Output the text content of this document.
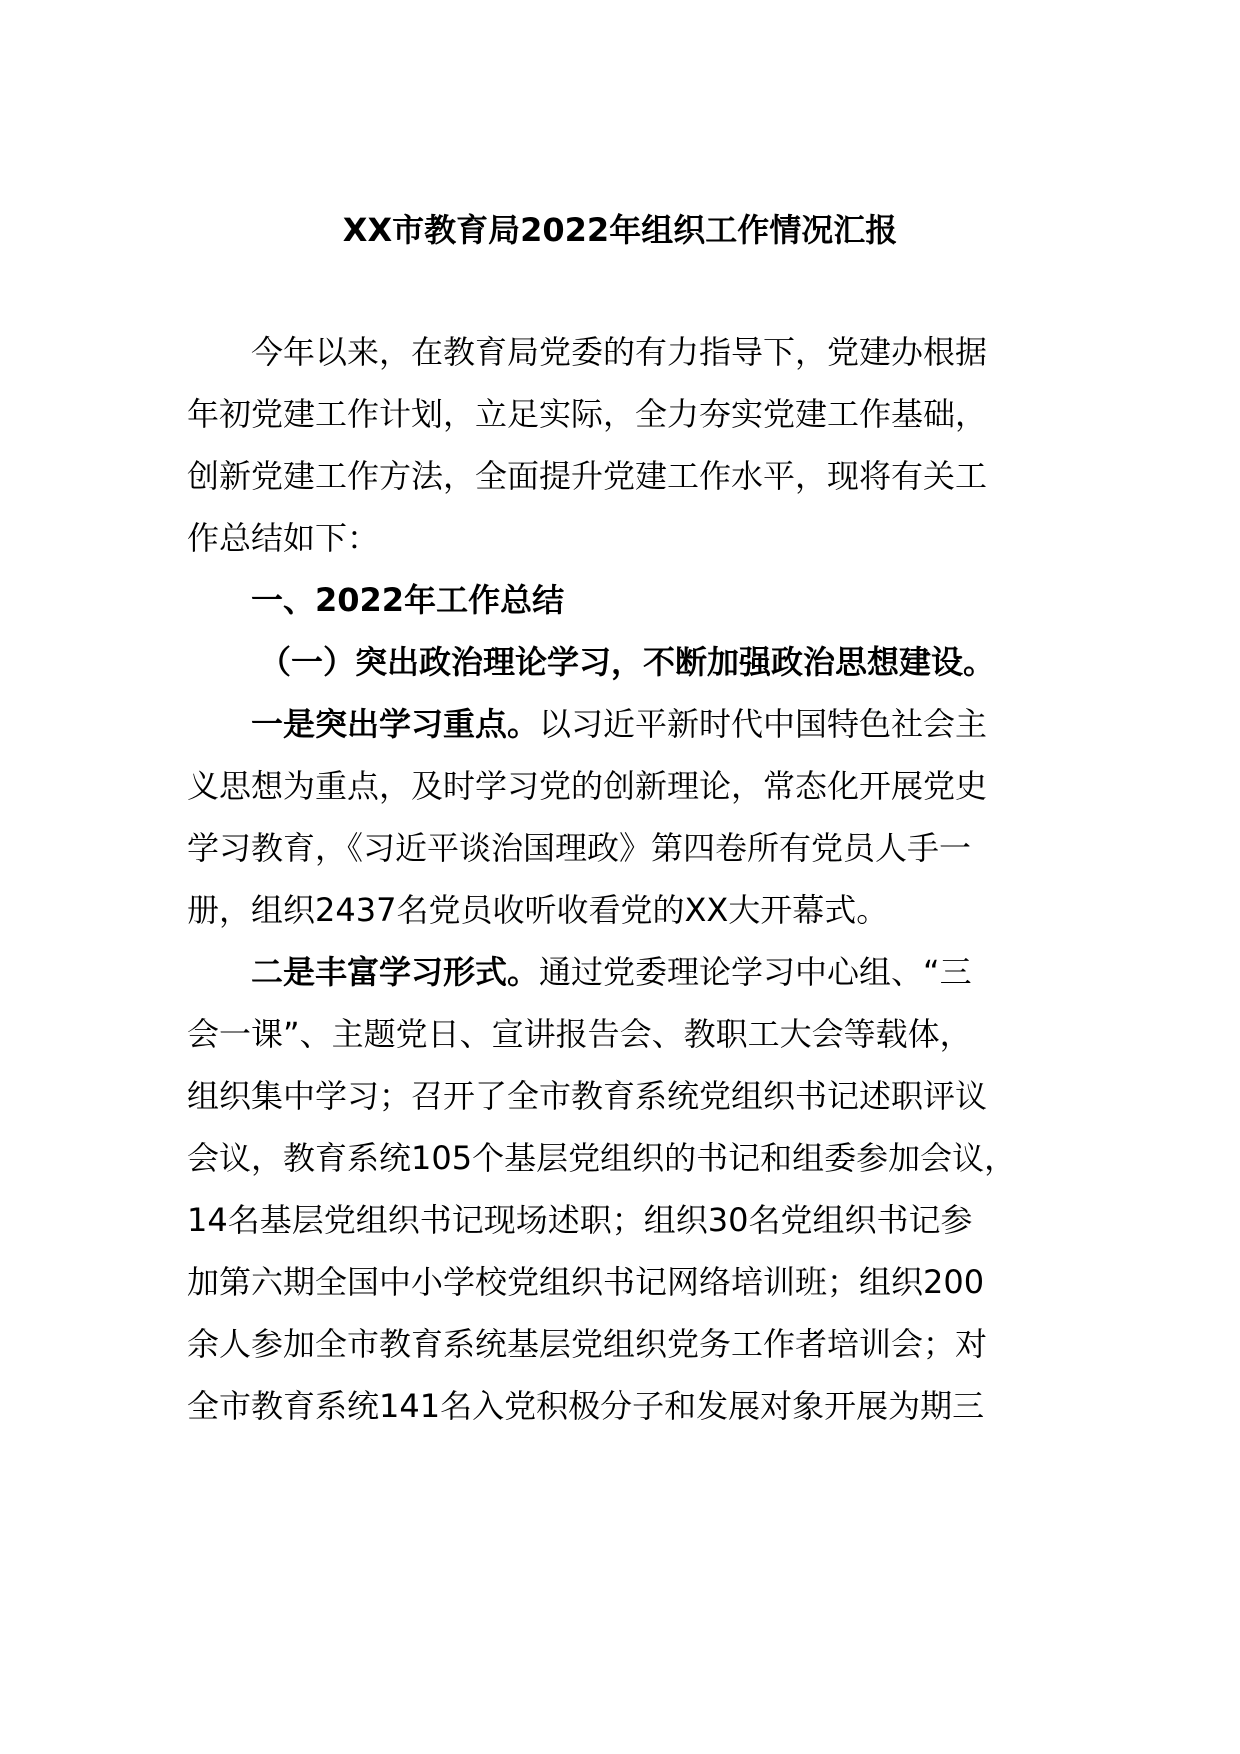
XX市教育局2022年组织工作情况汇报

今年以来，在教育局党委的有力指导下，党建办根据

年初党建工作计划，立足实际，全力夯实党建工作基础，

创新党建工作方法，全面提升党建工作水平，现将有关工

作总结如下：

一、2022年工作总结

（一）突出政治理论学习，不断加强政治思想建设。

一是突出学习重点。以习近平新时代中国特色社会主

义思想为重点，及时学习党的创新理论，常态化开展党史

学习教育，《习近平谈治国理政》第四卷所有党员人手一

册，组织2437名党员收听收看党的XX大开幕式。

二是丰富学习形式。通过党委理论学习中心组、“三

会一课”、主题党日、宣讲报告会、教职工大会等载体，

组织集中学习；召开了全市教育系统党组织书记述职评议

会议，教育系统105个基层党组织的书记和组委参加会议，

14名基层党组织书记现场述职；组织30名党组织书记参

加第六期全国中小学校党组织书记网络培训班；组织200

余人参加全市教育系统基层党组织党务工作者培训会；对

全市教育系统141名入党积极分子和发展对象开展为期三
